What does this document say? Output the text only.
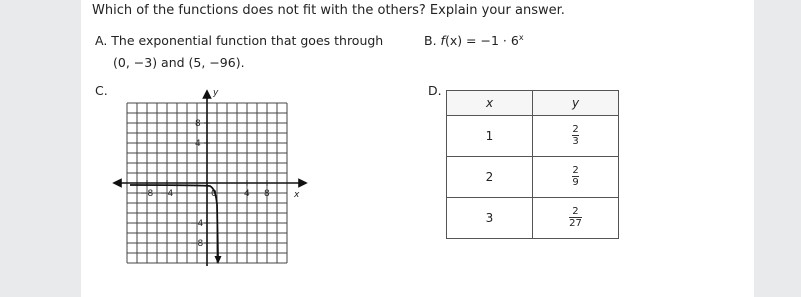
Which of the functions does not fit with the others? Explain your answer.
A. The exponential function that goes through
(0, −3) and (5, −96).
B. $f(x) = -1 \cdot 6^x$
C.	y
x
−8 −4	0	4 8
8
4
−4
−8
D.
x	y
1	$\frac{2}{3}$

2	$\frac{2}{9}$

3	$\frac{2}{27}$
